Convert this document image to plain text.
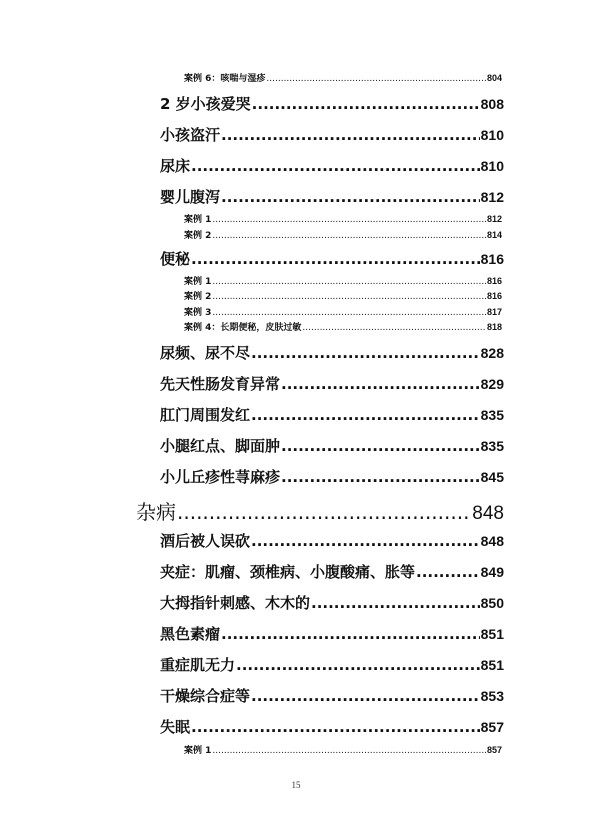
案例 6：咳喘与湿疹 .....	804
2 岁小孩爱哭 .....	808
小孩盗汗 .....	810
尿床 .....	810
婴儿腹泻 .....	812
案例 1 .....	812
案例 2 .....	814
便秘 .....	816
案例 1 .....	816
案例 2 .....	816
案例 3 .....	817
案例 4：长期便秘，皮肤过敏 .....	818
尿频、尿不尽 .....	828
先天性肠发育异常 .....	829
肛门周围发红 .....	835
小腿红点、脚面肿 .....	835
小儿丘疹性荨麻疹 .....	845
杂病 .....	848
酒后被人误砍 .....	848
夹症：肌瘤、颈椎病、小腹酸痛、胀等 .....	849
大拇指针刺感、木木的 .....	850
黑色素瘤 .....	851
重症肌无力 .....	851
干燥综合症等 .....	853
失眠 .....	857
案例 1 .....	857
15
